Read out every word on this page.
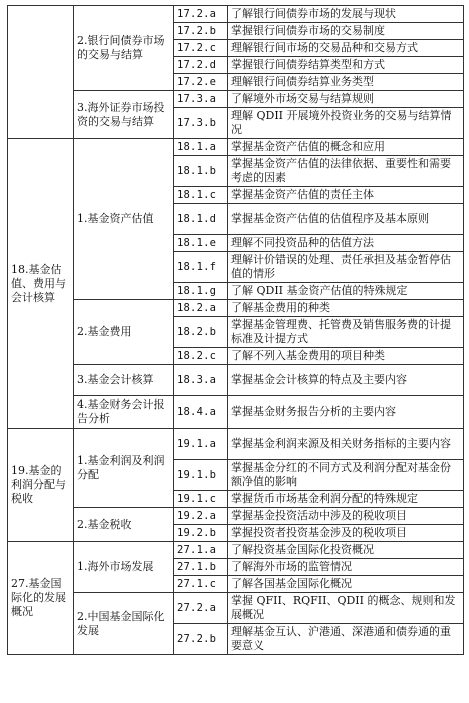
	2.银行间债券市场的交易与结算	17.2.a	了解银行间债券市场的发展与现状
		17.2.b	掌握银行间债券市场的交易制度
		17.2.c	理解银行间市场的交易品种和交易方式
		17.2.d	掌握银行间债券结算类型和方式
		17.2.e	理解银行间债券结算业务类型
	3.海外证券市场投资的交易与结算	17.3.a	了解境外市场交易与结算规则
		17.3.b	理解 QDII 开展境外投资业务的交易与结算情况
18.基金估值、费用与会计核算	1.基金资产估值	18.1.a	掌握基金资产估值的概念和应用
		18.1.b	掌握基金资产估值的法律依据、重要性和需要考虑的因素
		18.1.c	掌握基金资产估值的责任主体
		18.1.d	掌握基金资产估值的估值程序及基本原则
		18.1.e	理解不同投资品种的估值方法
		18.1.f	理解计价错误的处理、责任承担及基金暂停估值的情形
		18.1.g	了解 QDII 基金资产估值的特殊规定
	2.基金费用	18.2.a	了解基金费用的种类
		18.2.b	掌握基金管理费、托管费及销售服务费的计提标准及计提方式
		18.2.c	了解不列入基金费用的项目种类
	3.基金会计核算	18.3.a	掌握基金会计核算的特点及主要内容
	4.基金财务会计报告分析	18.4.a	掌握基金财务报告分析的主要内容
19.基金的利润分配与税收	1.基金利润及利润分配	19.1.a	掌握基金利润来源及相关财务指标的主要内容
		19.1.b	掌握基金分红的不同方式及利润分配对基金份额净值的影响
		19.1.c	掌握货币市场基金利润分配的特殊规定
	2.基金税收	19.2.a	掌握基金投资活动中涉及的税收项目
		19.2.b	掌握投资者投资基金涉及的税收项目
27.基金国际化的发展概况	1.海外市场发展	27.1.a	了解投资基金国际化投资概况
		27.1.b	了解海外市场的监管情况
		27.1.c	了解各国基金国际化概况
	2.中国基金国际化发展	27.2.a	掌握 QFII、RQFII、QDII 的概念、规则和发展概况
		27.2.b	理解基金互认、沪港通、深港通和债券通的重要意义
